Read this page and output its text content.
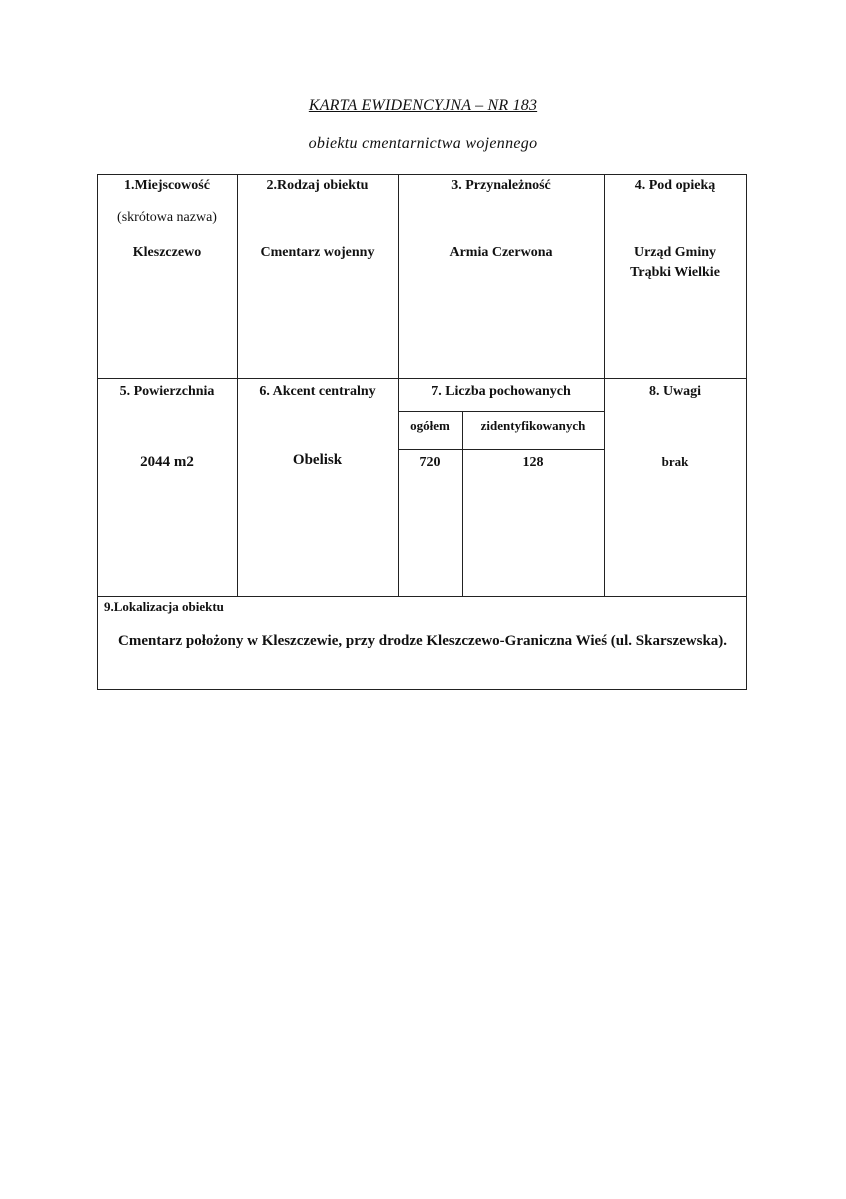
KARTA EWIDENCYJNA – NR 183
obiektu cmentarnictwa wojennego
1.Miejscowość
(skrótowa nazwa)
Kleszczewo
2.Rodzaj obiektu
Cmentarz wojenny
3. Przynależność
Armia Czerwona
4. Pod opieką
Urząd Gminy
Trąbki Wielkie
5. Powierzchnia
2044 m2
6. Akcent centralny
Obelisk
7. Liczba pochowanych
ogółem	zidentyfikowanych
720	128
8. Uwagi
brak
9.Lokalizacja obiektu
Cmentarz położony w Kleszczewie, przy drodze Kleszczewo-Graniczna Wieś (ul. Skarszewska).
